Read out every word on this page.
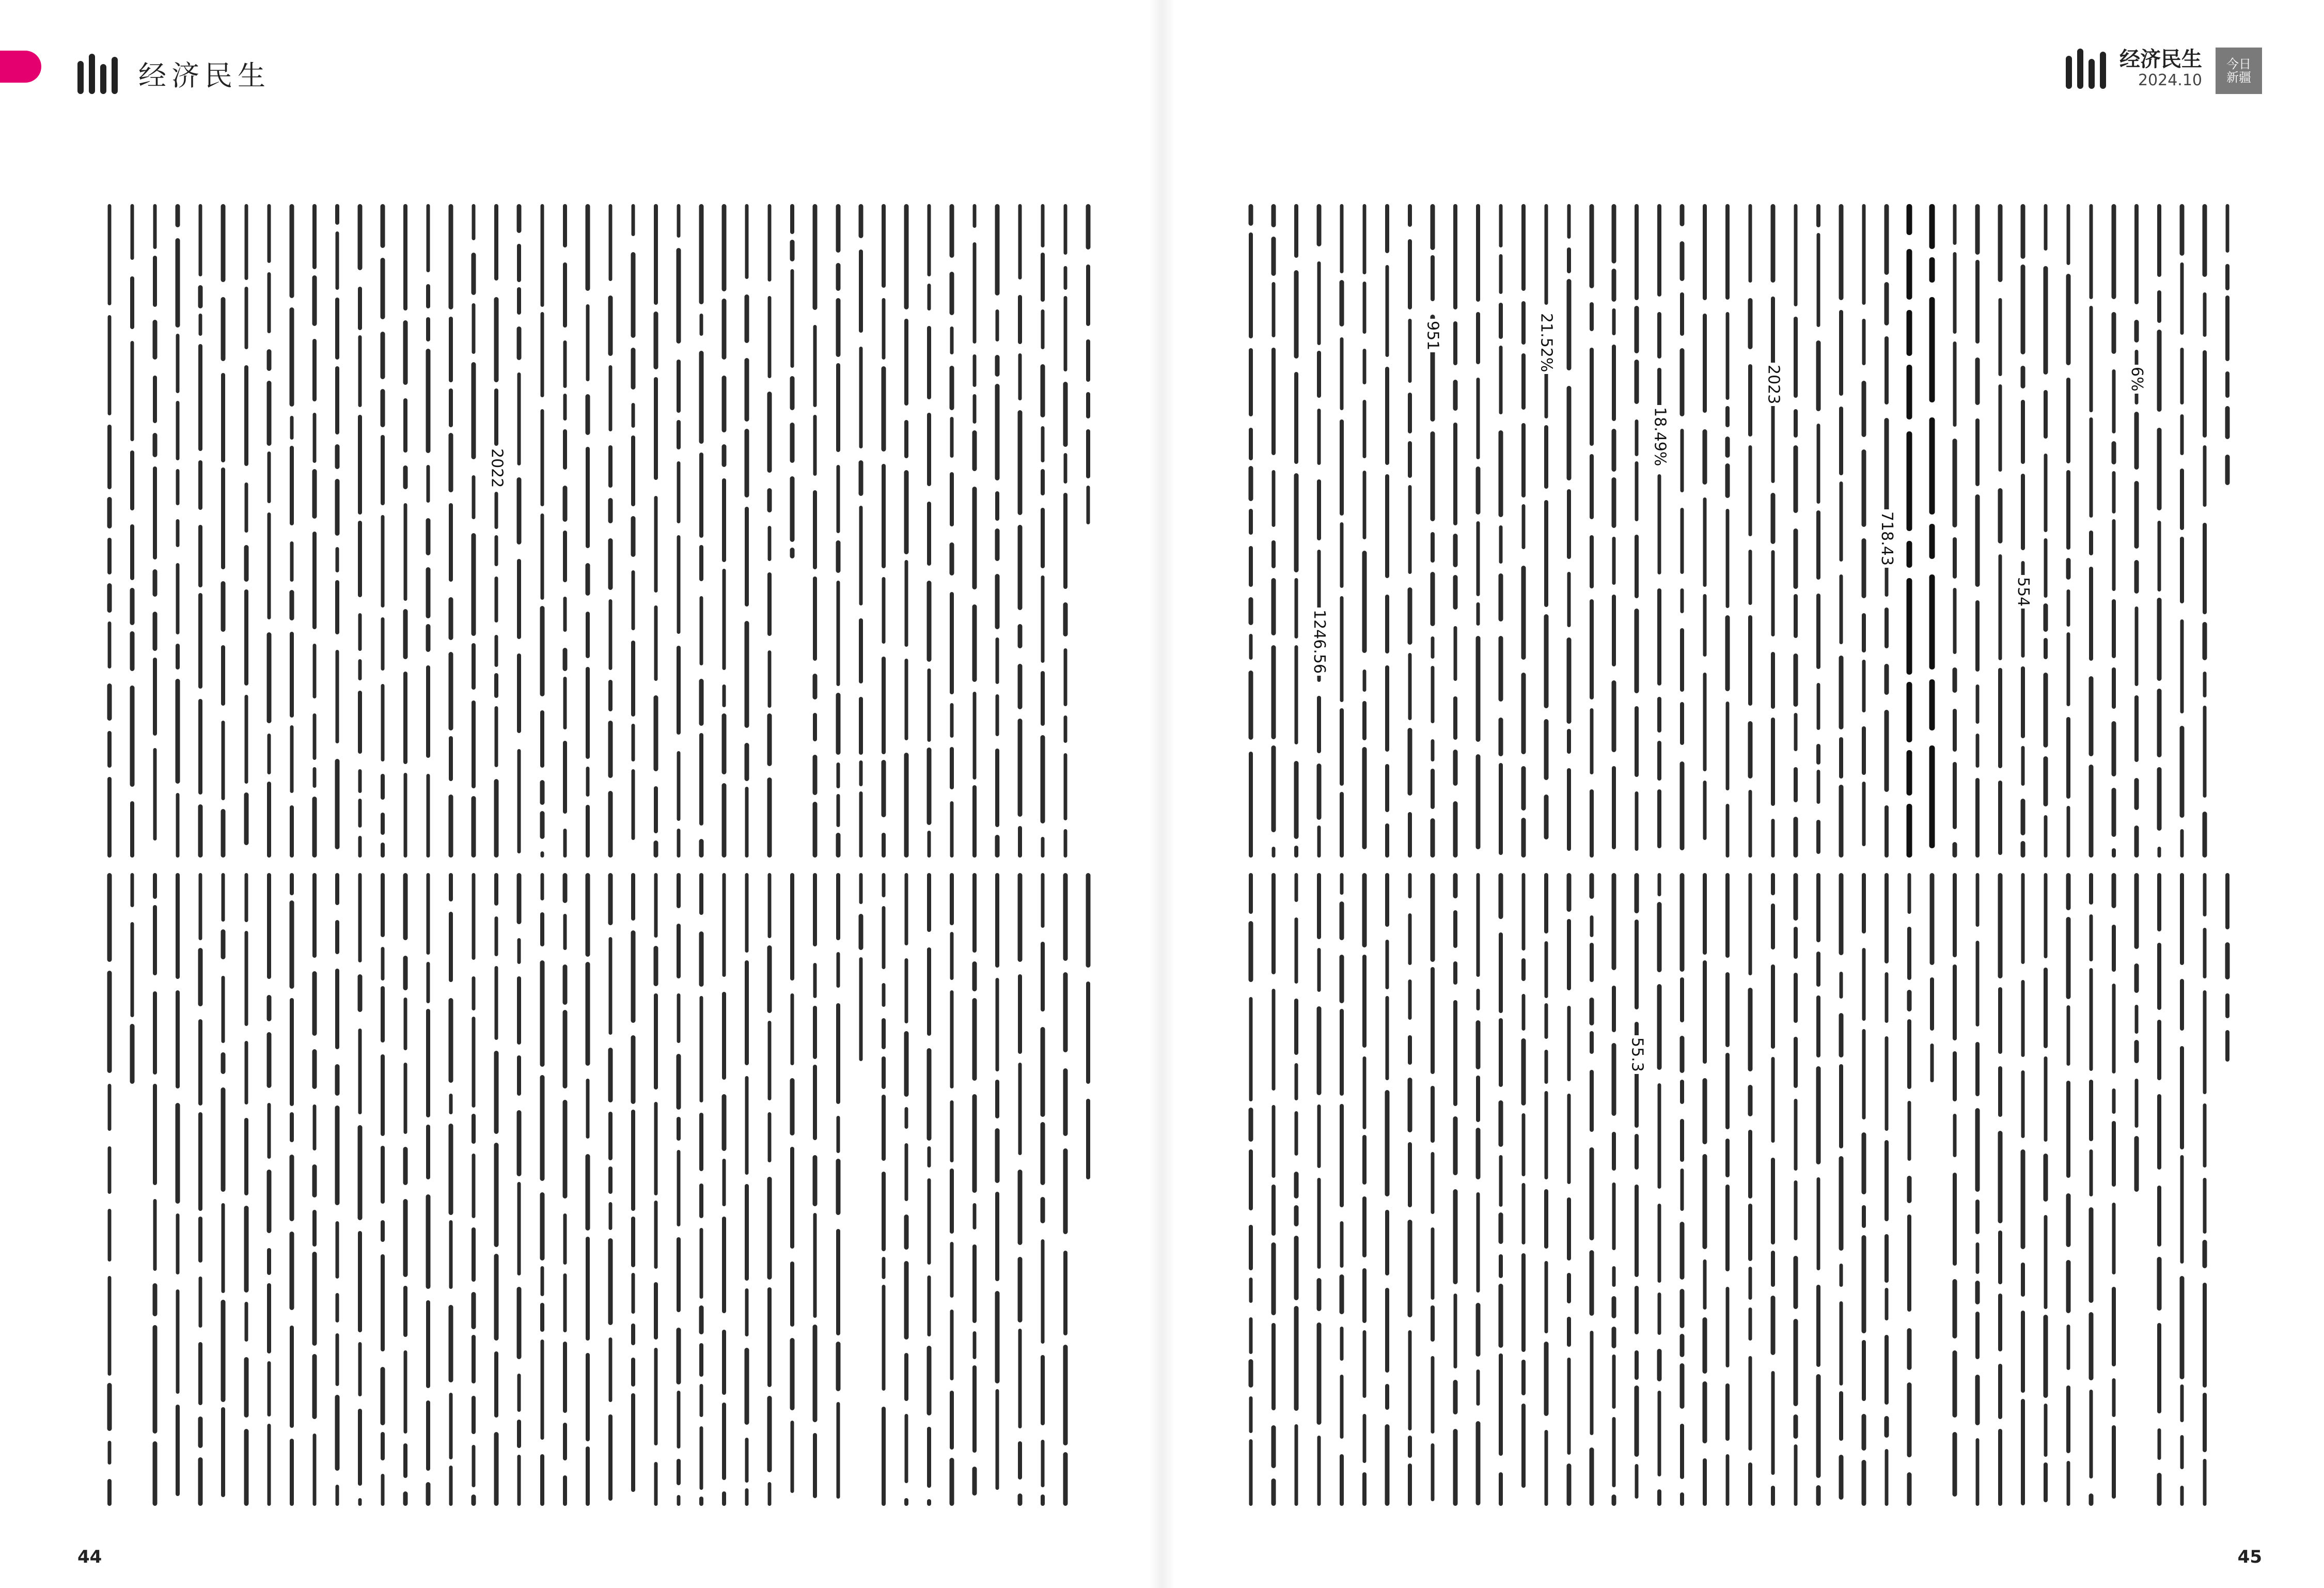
经济民生
2022
44
经济民生
2024.10
今日
新疆
1246.56
951	21.52%
18.49%
2023
718.43
554
6%
55.3
45
